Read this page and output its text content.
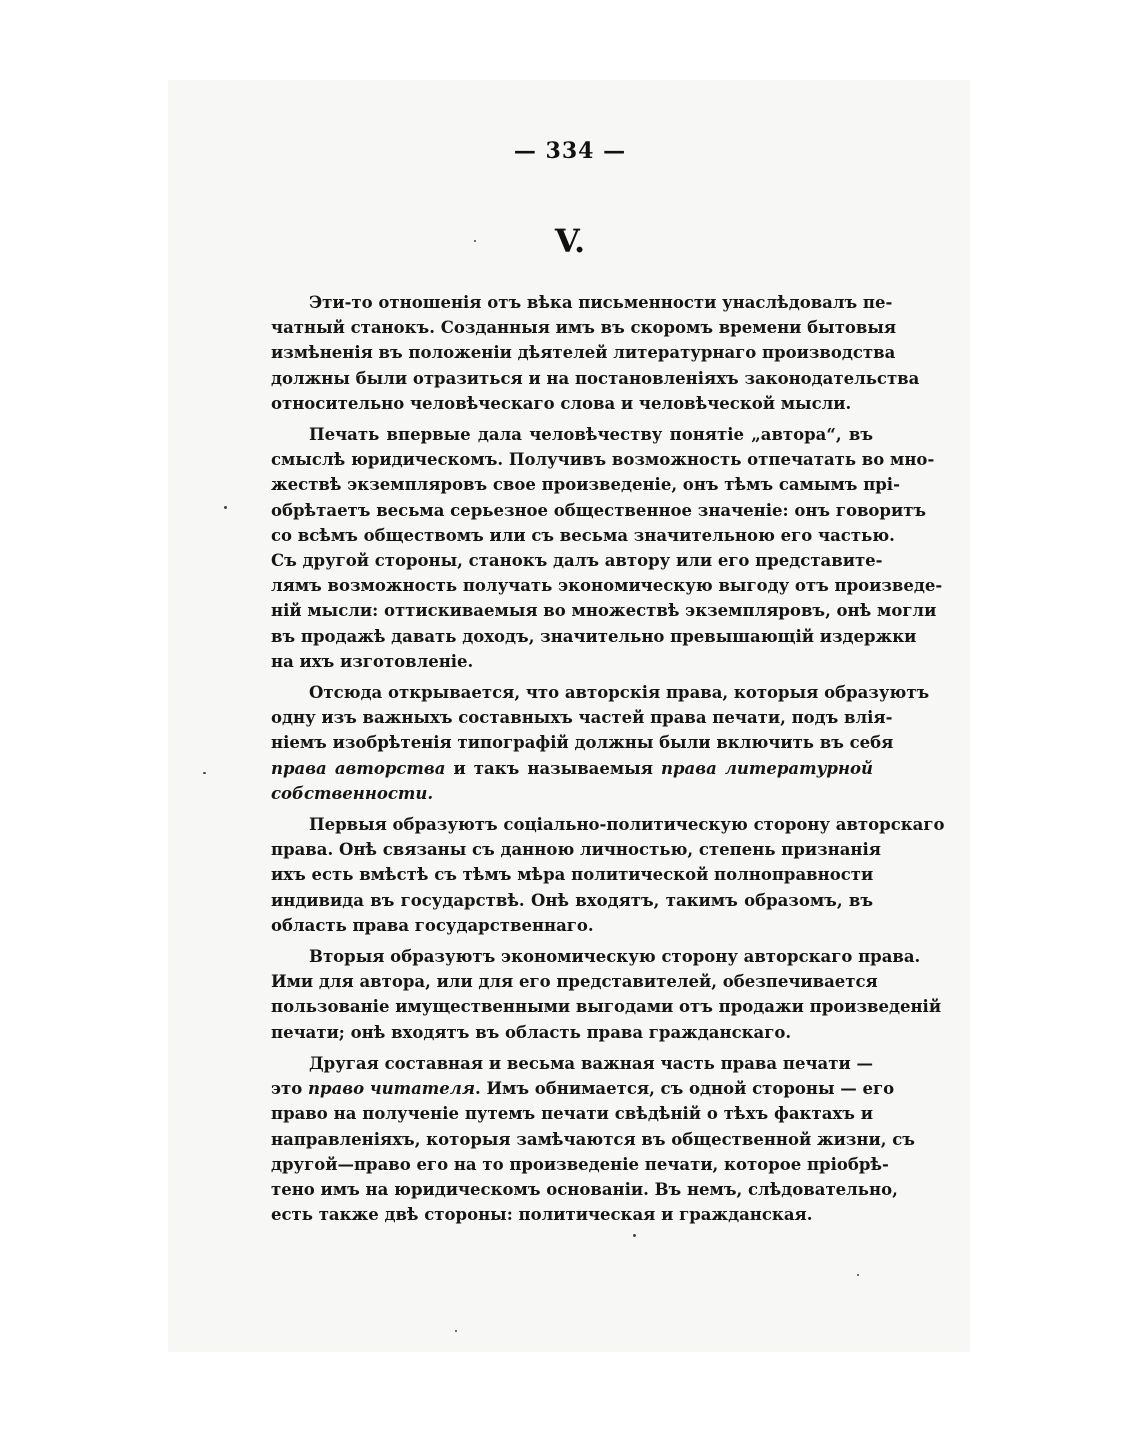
— 334 —
V.
Эти-то отношенія отъ вѣка письменности унаслѣдовалъ пе-
чатный станокъ. Созданныя имъ въ скоромъ времени бытовыя
измѣненія въ положеніи дѣятелей литературнаго производства
должны были отразиться и на постановленіяхъ законодательства
относительно человѣческаго слова и человѣческой мысли.
Печать впервые дала человѣчеству понятіе „автора“, въ
смыслѣ юридическомъ. Получивъ возможность отпечатать во мно-
жествѣ экземпляровъ свое произведеніе, онъ тѣмъ самымъ прі-
обрѣтаетъ весьма серьезное общественное значеніе: онъ говоритъ
со всѣмъ обществомъ или съ весьма значительною его частью.
Съ другой стороны, станокъ далъ автору или его представите-
лямъ возможность получать экономическую выгоду отъ произведе-
ній мысли: оттискиваемыя во множествѣ экземпляровъ, онѣ могли
въ продажѣ давать доходъ, значительно превышающій издержки
на ихъ изготовленіе.
Отсюда открывается, что авторскія права, которыя образуютъ
одну изъ важныхъ составныхъ частей права печати, подъ влія-
ніемъ изобрѣтенія типографій должны были включить въ себя
права авторства и такъ называемыя права литературной
собственности.
Первыя образуютъ соціально-политическую сторону авторскаго
права. Онѣ связаны съ данною личностью, степень признанія
ихъ есть вмѣстѣ съ тѣмъ мѣра политической полноправности
индивида въ государствѣ. Онѣ входятъ, такимъ образомъ, въ
область права государственнаго.
Вторыя образуютъ экономическую сторону авторскаго права.
Ими для автора, или для его представителей, обезпечивается
пользованіе имущественными выгодами отъ продажи произведеній
печати; онѣ входятъ въ область права гражданскаго.
Другая составная и весьма важная часть права печати —
это право читателя. Имъ обнимается, съ одной стороны — его
право на полученіе путемъ печати свѣдѣній о тѣхъ фактахъ и
направленіяхъ, которыя замѣчаются въ общественной жизни, съ
другой—право его на то произведеніе печати, которое пріобрѣ-
тено имъ на юридическомъ основаніи. Въ немъ, слѣдовательно,
есть также двѣ стороны: политическая и гражданская.
